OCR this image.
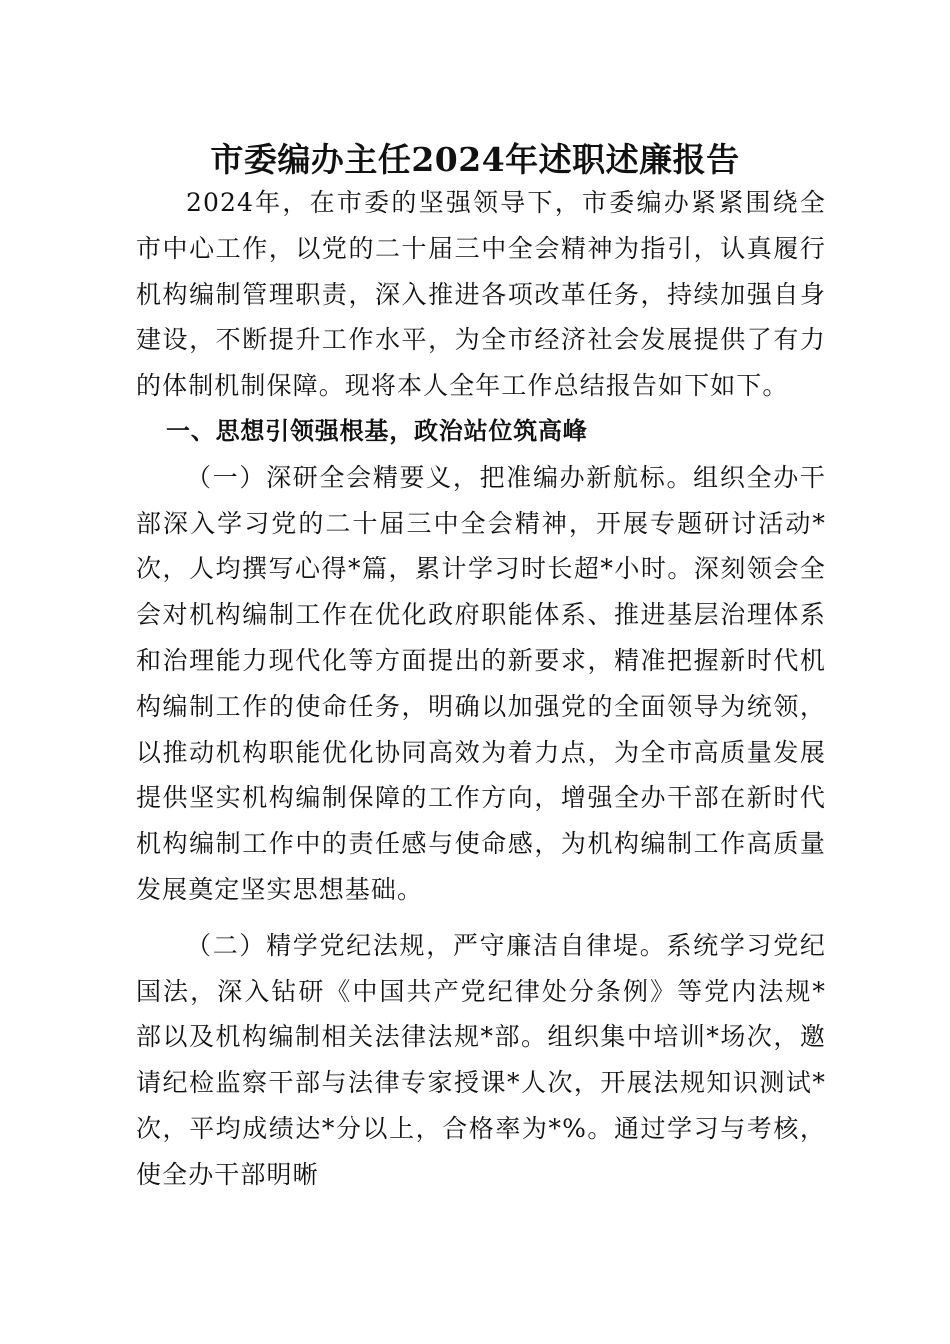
市委编办主任2024年述职述廉报告

2024年，在市委的坚强领导下，市委编办紧紧围绕全市中心工作，以党的二十届三中全会精神为指引，认真履行机构编制管理职责，深入推进各项改革任务，持续加强自身建设，不断提升工作水平，为全市经济社会发展提供了有力的体制机制保障。现将本人全年工作总结报告如下如下。

一、思想引领强根基，政治站位筑高峰

（一）深研全会精要义，把准编办新航标。组织全办干部深入学习党的二十届三中全会精神，开展专题研讨活动*次，人均撰写心得*篇，累计学习时长超*小时。深刻领会全会对机构编制工作在优化政府职能体系、推进基层治理体系和治理能力现代化等方面提出的新要求，精准把握新时代机构编制工作的使命任务，明确以加强党的全面领导为统领，以推动机构职能优化协同高效为着力点，为全市高质量发展提供坚实机构编制保障的工作方向，增强全办干部在新时代机构编制工作中的责任感与使命感，为机构编制工作高质量发展奠定坚实思想基础。

（二）精学党纪法规，严守廉洁自律堤。系统学习党纪国法，深入钻研《中国共产党纪律处分条例》等党内法规*部以及机构编制相关法律法规*部。组织集中培训*场次，邀请纪检监察干部与法律专家授课*人次，开展法规知识测试*次，平均成绩达*分以上，合格率为*%。通过学习与考核，使全办干部明晰
